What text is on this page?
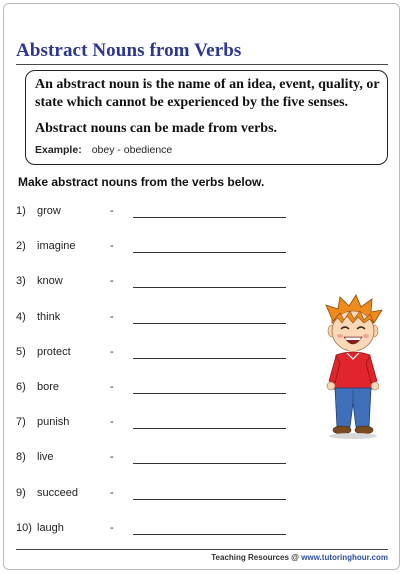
Abstract Nouns from Verbs
An abstract noun is the name of an idea, event, quality, or state which cannot be experienced by the five senses.
Abstract nouns can be made from verbs.
Example: obey - obedience
Make abstract nouns from the verbs below.
1) grow	-
2) imagine	-
3) know	-
4) think	-
5) protect	-
6) bore	-
7) punish	-
8) live	-
9) succeed	-
10) laugh	-
Teaching Resources @ www.tutoringhour.com
